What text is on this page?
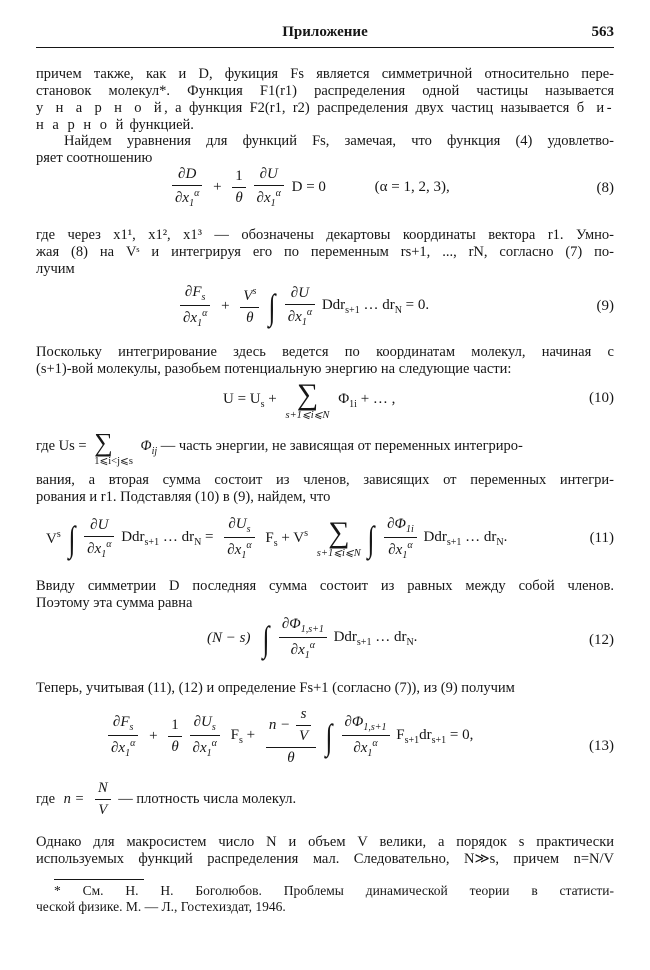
Приложение	563

причем также, как и D, фукиция Fs является симметричной относительно пере-

становок молекул*. Функция F1(r1) распределения одной частицы называется

у н а р н о й, а функция F2(r1, r2) распределения двух частиц называется б и-

н а р н о й функцией.

Найдем уравнения для функций Fs, замечая, что функция (4) удовлетво-

ряет соотношению

$\frac{\partial D}{\partial x_1^\alpha} + \frac{1}{\theta}$
$\frac{\partial U}{\partial x_1^\alpha}$ D = 0	(α = 1, 2, 3),	(8)

где через x1¹, x1², x1³ — обозначены декартовы координаты вектора r1. Умно-

жая (8) на Vˢ и интегрируя его по переменным rs+1, ..., rN, согласно (7) по-

лучим

$\frac{\partial F_s}{\partial x_1^\alpha} + \frac{V^s}{\theta}$ ∫ $\frac{\partial U}{\partial x_1^\alpha} Ddr_{s+1}$ … $dr_N = 0$.	(9)

Поскольку интегрирование здесь ведется по координатам молекул, начиная с

(s+1)-вой молекулы, разобьем потенциальную энергию на следующие части:

$U = U_s$ + ∑
s+1⩽i⩽N
$\Phi_{1i}$ + … ,	(10)

где Us = ∑
1⩽i<j⩽s
$\Phi_{ij}$ — часть энергии, не зависящая от переменных интегриро-

вания, а вторая сумма состоит из членов, зависящих от переменных интегри-

рования и r1. Подставляя (10) в (9), найдем, что

$V^s$ ∫ $\frac{\partial U}{\partial x_1^\alpha} Ddr_{s+1}$ … $dr_N = \frac{\partial U_s}{\partial x_1^\alpha} F_s + V^s$ ∑
s+1⩽i⩽N ∫ $\frac{\partial\Phi_{1i}}{\partial x_1^\alpha} Ddr_{s+1}$ … $dr_N$.	(11)

Ввиду симметрии D последняя сумма состоит из равных между собой членов.

Поэтому эта сумма равна

(N − s) ∫ $\frac{\partial\Phi_{1,s+1}}{\partial x_1^\alpha} Ddr_{s+1}$ … $dr_N$.	(12)

Теперь, учитывая (11), (12) и определение Fs+1 (согласно (7)), из (9) получим

$\frac{\partial F_s}{\partial x_1^\alpha} + \frac{1}{\theta}$
$\frac{\partial U_s}{\partial x_1^\alpha} F_s + \frac{n - \frac{s}{V}}{\theta}$ ∫ $\frac{\partial\Phi_{1,s+1}}{\partial x_1^\alpha} F_{s+1}dr_{s+1} = 0$,
(13)
где $n = \frac{N}{V}$ — плотность числа молекул.

Однако для макросистем число N и объем V велики, а порядок s практически

используемых функций распределения мал. Следовательно, N≫s, причем n=N/V

* См. Н. Н. Боголюбов. Проблемы динамической теории в статисти-

ческой физике. М. — Л., Гостехиздат, 1946.
